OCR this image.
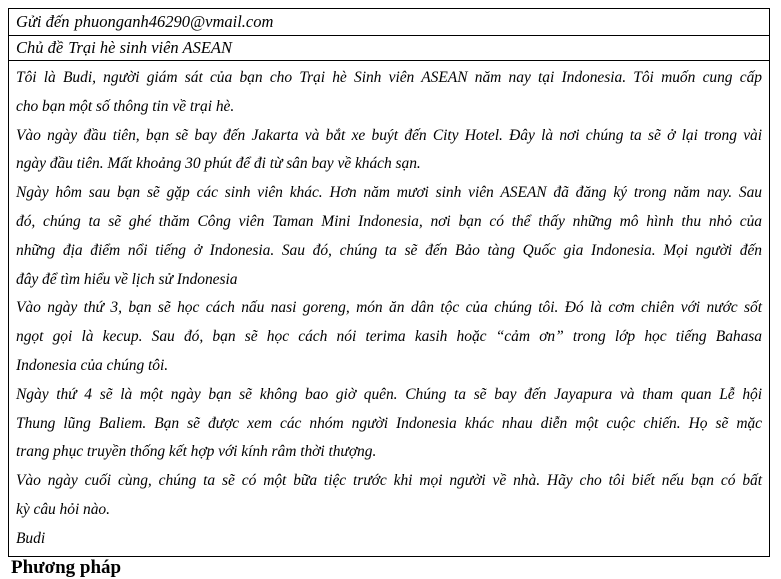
Gửi đến phuonganh46290@vmail.com
Chủ đề Trại hè sinh viên ASEAN
Tôi là Budi, người giám sát của bạn cho Trại hè Sinh viên ASEAN năm nay tại Indonesia. Tôi muốn cung cấp
cho bạn một số thông tin về trại hè.
Vào ngày đầu tiên, bạn sẽ bay đến Jakarta và bắt xe buýt đến City Hotel. Đây là nơi chúng ta sẽ ở lại trong vài
ngày đầu tiên. Mất khoảng 30 phút để đi từ sân bay về khách sạn.
Ngày hôm sau bạn sẽ gặp các sinh viên khác. Hơn năm mươi sinh viên ASEAN đã đăng ký trong năm nay. Sau
đó, chúng ta sẽ ghé thăm Công viên Taman Mini Indonesia, nơi bạn có thể thấy những mô hình thu nhỏ của
những địa điểm nổi tiếng ở Indonesia. Sau đó, chúng ta sẽ đến Bảo tàng Quốc gia Indonesia. Mọi người đến
đây để tìm hiểu về lịch sử Indonesia
Vào ngày thứ 3, bạn sẽ học cách nấu nasi goreng, món ăn dân tộc của chúng tôi. Đó là cơm chiên với nước sốt
ngọt gọi là kecup. Sau đó, bạn sẽ học cách nói terima kasih hoặc “cảm ơn” trong lớp học tiếng Bahasa
Indonesia của chúng tôi.
Ngày thứ 4 sẽ là một ngày bạn sẽ không bao giờ quên. Chúng ta sẽ bay đến Jayapura và tham quan Lễ hội
Thung lũng Baliem. Bạn sẽ được xem các nhóm người Indonesia khác nhau diễn một cuộc chiến. Họ sẽ mặc
trang phục truyền thống kết hợp với kính râm thời thượng.
Vào ngày cuối cùng, chúng ta sẽ có một bữa tiệc trước khi mọi người về nhà. Hãy cho tôi biết nếu bạn có bất
kỳ câu hỏi nào.
Budi
Phương pháp
